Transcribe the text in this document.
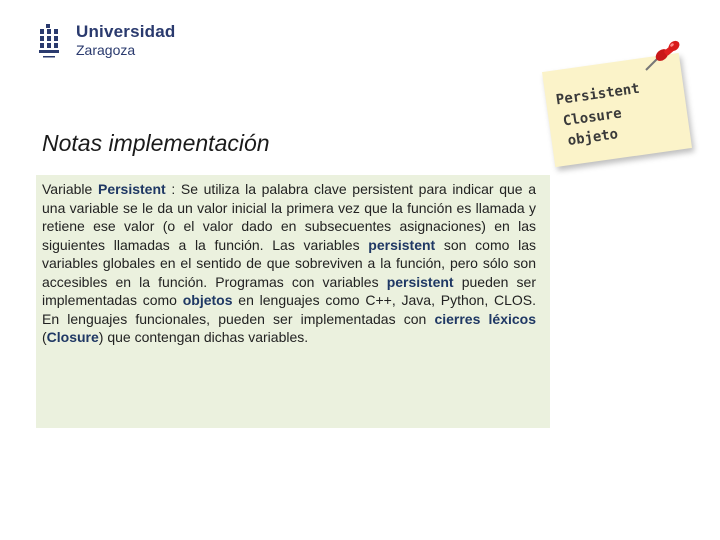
Universidad
Zaragoza
Notas implementación
Persistent
Closure
objeto
Variable Persistent : Se utiliza la palabra clave persistent para indicar que a una variable se le da un valor inicial la primera vez que la función es llamada y retiene ese valor (o el valor dado en subsecuentes asignaciones) en las siguientes llamadas a la función. Las variables persistent son como las variables globales en el sentido de que sobreviven a la función, pero sólo son accesibles en la función. Programas con variables persistent pueden ser implementadas como objetos en lenguajes como C++, Java, Python, CLOS. En lenguajes funcionales, pueden ser implementadas con cierres léxicos (Closure) que contengan dichas variables.
